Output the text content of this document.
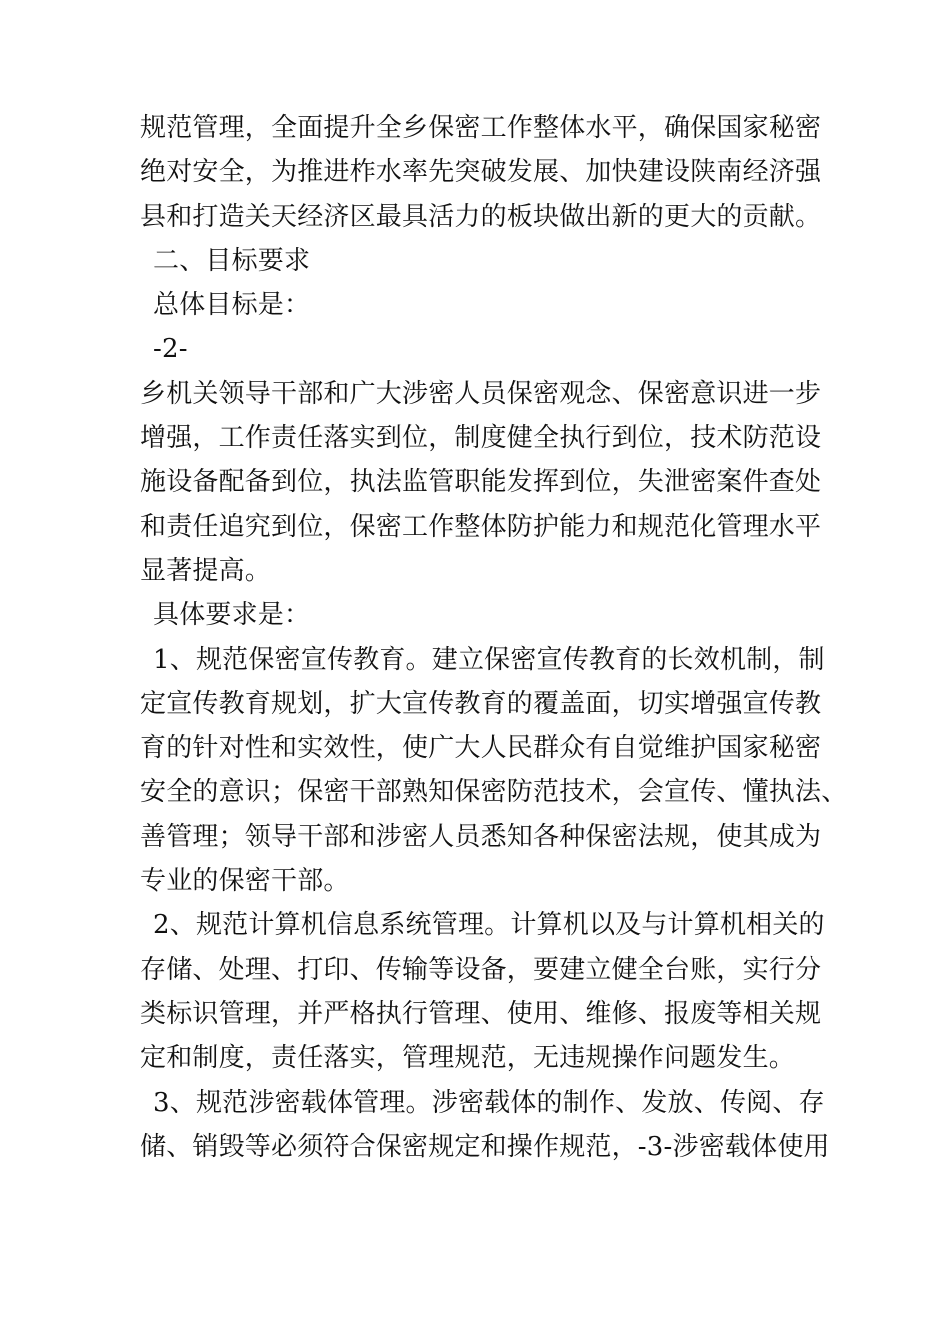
规范管理，全面提升全乡保密工作整体水平，确保国家秘密
绝对安全，为推进柞水率先突破发展、加快建设陕南经济强
县和打造关天经济区最具活力的板块做出新的更大的贡献。
二、目标要求
总体目标是：
-2-
乡机关领导干部和广大涉密人员保密观念、保密意识进一步
增强，工作责任落实到位，制度健全执行到位，技术防范设
施设备配备到位，执法监管职能发挥到位，失泄密案件查处
和责任追究到位，保密工作整体防护能力和规范化管理水平
显著提高。
具体要求是：
1、规范保密宣传教育。建立保密宣传教育的长效机制，制
定宣传教育规划，扩大宣传教育的覆盖面，切实增强宣传教
育的针对性和实效性，使广大人民群众有自觉维护国家秘密
安全的意识；保密干部熟知保密防范技术，会宣传、懂执法、
善管理；领导干部和涉密人员悉知各种保密法规，使其成为
专业的保密干部。
2、规范计算机信息系统管理。计算机以及与计算机相关的
存储、处理、打印、传输等设备，要建立健全台账，实行分
类标识管理，并严格执行管理、使用、维修、报废等相关规
定和制度，责任落实，管理规范，无违规操作问题发生。
3、规范涉密载体管理。涉密载体的制作、发放、传阅、存
储、销毁等必须符合保密规定和操作规范，-3-涉密载体使用
